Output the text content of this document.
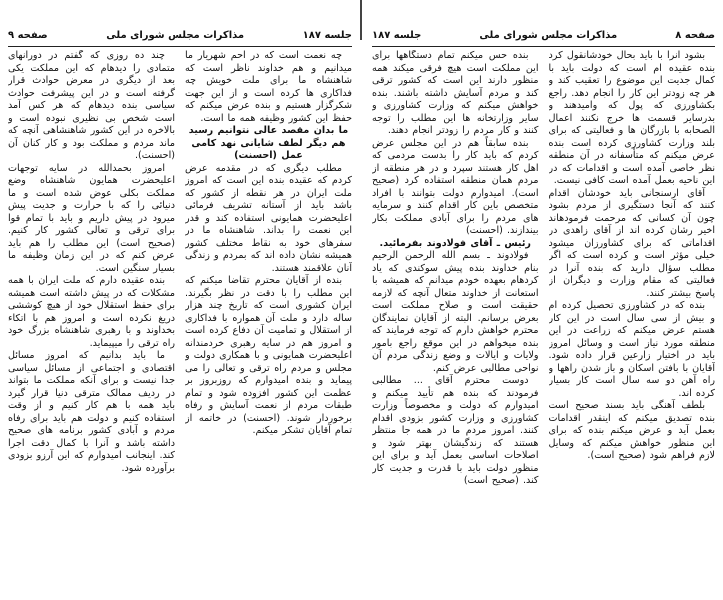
جلسه ۱۸۷
مذاکرات مجلس شورای ملی
صفحه ۹

چه نعمت است که در احم شهریار ما میدانیم و هم خداوند ناظر است که شاهنشاه ما برای ملت خویش چه فداکاری ها کرده است و از این جهت شکرگزار هستیم و بنده عرض میکنم که حفظ این کشور وظیفه همه ما است.

ما بدان مقصد عالی نتوانیم رسید

هم دیگر لطف شایانی نهد کامی عمل (احسنت)

مطلب دیگری که در مقدمه عرض کردم که عقیده بنده این است که امروز ملت ایران در هر نقطه از کشور که باشد باید از آستانه تشریف فرمائی اعلیحضرت همایونی استفاده کند و قدر این نعمت را بداند. شاهنشاه ما در سفرهای خود به نقاط مختلف کشور همیشه نشان داده اند که بمردم و زندگی آنان علاقمند هستند.

بنده از آقایان محترم تقاضا میکنم که این مطلب را با دقت در نظر بگیرند. ایران کشوری است که تاریخ چند هزار ساله دارد و ملت آن همواره با فداکاری از استقلال و تمامیت آن دفاع کرده است و امروز هم در سایه رهبری خردمندانه اعلیحضرت همایونی و با همکاری دولت و مجلس و مردم راه ترقی و تعالی را می پیماید و بنده امیدوارم که روزبروز بر عظمت این کشور افزوده شود و تمام طبقات مردم از نعمت آسایش و رفاه برخوردار شوند. (احسنت) در خاتمه از تمام آقایان تشکر میکنم.

چند ده روزی که گفتم در دورانهای متمادی را دیدهام که این مملکت یکی بعد از دیگری در معرض حوادث قرار گرفته است و در این پیشرفت حوادث سیاسی بنده دیدهام که هر کس آمد است شخص بی نظیری نبوده است و بالاخره در این کشور شاهنشاهی آنچه که ماند مردم و مملکت بود و کار کنان آن (احسنت).

امروز بحمدالله در سایه توجهات اعلیحضرت همایون شاهنشاه وضع مملکت بکلی عوض شده است و ما دنیائی را که با حرارت و جدیت پیش میرود در پیش داریم و باید با تمام قوا برای ترقی و تعالی کشور کار کنیم. (صحیح است) این مطلب را هم باید عرض کنم که در این زمان وظیفه ما بسیار سنگین است.

بنده عقیده دارم که ملت ایران با همه مشکلات که در پیش داشته است همیشه برای حفظ استقلال خود از هیچ کوششی دریغ نکرده است و امروز هم با اتکاء بخداوند و با رهبری شاهنشاه بزرگ خود راه ترقی را میپیماید.

ما باید بدانیم که امروز مسائل اقتصادی و اجتماعی از مسائل سیاسی جدا نیست و برای آنکه مملکت ما بتواند در ردیف ممالک مترقی دنیا قرار گیرد باید همه با هم کار کنیم و از وقت استفاده کنیم و دولت هم باید برای رفاه مردم و آبادی کشور برنامه های صحیح داشته باشد و آنرا با کمال دقت اجرا کند. اینجانب امیدوارم که این آرزو بزودی برآورده شود.

صفحه ۸
مذاکرات مجلس شورای ملی
جلسه ۱۸۷

بشود آنرا با باید بحال خودشانقول کرد بنده عقیده ام است که دولت باید با کمال جدیت این موضوع را تعقیب کند و هر چه زودتر این کار را انجام دهد. راجع بکشاورزی که پول که وامیدهند و بدرسایر قسمت ها خرج نکنند اعمال الصحابه با بازرگان ها و فعالیتی که برای بلند وزارت کشاورزی کرده است بنده عرض میکنم که متأسفانه در آن منطقه نظر خاصی آمده است و اقدامات که در این ناحیه بعمل آمده است کافی نیست.

آقای ارسنجانی باید خودشان اقدام کنند که آنجا دستگیری از مردم بشود چون آن کسانی که مرحمت فرمودهاند اخیر رشان کرده اند از آقای زاهدی در اقداماتی که برای کشاورزان میشود خیلی مؤثر است و کرده است که اگر مطلب سؤال دارید که بنده آنرا در فعالیتی که مقام وزارت و دیگران از پاسخ بیشتر کنند.

بنده که در کشاورزی تحصیل کرده ام و بیش از سی سال است در این کار هستم عرض میکنم که زراعت در این منطقه مورد نیاز است و وسائل امروز باید در اختیار زارعین قرار داده شود. آقایان با بافتن اسکان و باز شدن راهها و راه آهن دو سه سال است کار بسیار کرده اند.

بلطف آهنگی باید بسند صحیح است بنده تصدیق میکنم که اینقدر اقدامات بعمل آید و عرض میکنم بنده که برای این منظور خواهش میکنم که وسایل لازم فراهم شود (صحیح است).

بنده حس میکنم تمام دستگاهها برای این مملکت است هیچ فرقی میکند همه منظور دارند این است که کشور ترقی کند و مردم آسایش داشته باشند. بنده خواهش میکنم که وزارت کشاورزی و سایر وزارتخانه ها این مطلب را توجه کنند و کار مردم را زودتر انجام دهند.

بنده سابقاً هم در این مجلس عرض کردم که باید کار را بدست مردمی که اهل کار هستند سپرد و در هر منطقه از مردم همان منطقه استفاده کرد (صحیح است). امیدوارم دولت بتوانند با افراد متخصص باین کار اقدام کنند و سرمایه های مردم را برای آبادی مملکت بکار بیندازند. (احسنت)

رئیس ـ آقای فولادوند بفرمائید.

فولادوند ـ بسم الله الرحمن الرحیم بنام خداوند بنده پیش سوکندی که یاد کردهام بعهده خودم میدانم که همیشه با استعانت از خداوند متعال آنچه که لازمه حقیقت است و صلاح مملکت است بعرض برسانم. البته از آقایان نمایندگان محترم خواهش دارم که توجه فرمایند که بنده میخواهم در این موقع راجع بامور ولایات و ایالات و وضع زندگی مردم آن نواحی مطالبی عرض کنم.

دوست محترم آقای ... مطالبی فرمودند که بنده هم تأیید میکنم و امیدوارم که دولت و مخصوصاً وزارت کشاورزی و وزارت کشور بزودی اقدام کنند. امروز مردم ما در همه جا منتظر هستند که زندگیشان بهتر شود و اصلاحات اساسی بعمل آید و برای این منظور دولت باید با قدرت و جدیت کار کند. (صحیح است)
